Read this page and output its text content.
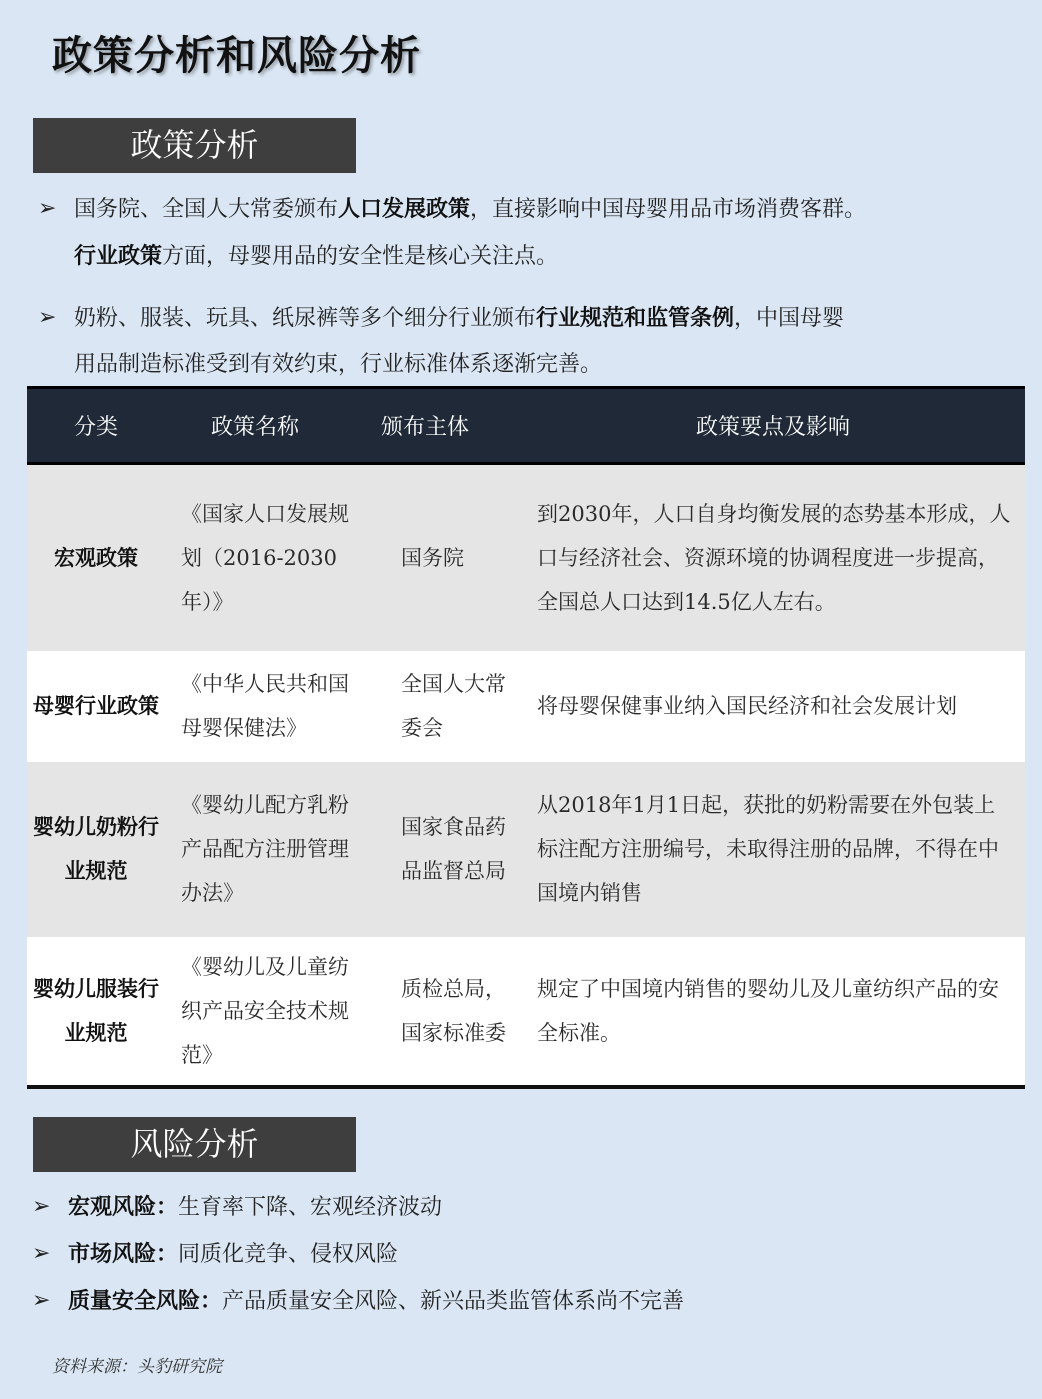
政策分析和风险分析
政策分析
➢ 国务院、全国人大常委颁布人口发展政策，直接影响中国母婴用品市场消费客群。
行业政策方面，母婴用品的安全性是核心关注点。
➢ 奶粉、服装、玩具、纸尿裤等多个细分行业颁布行业规范和监管条例，中国母婴
用品制造标准受到有效约束，行业标准体系逐渐完善。
分类	政策名称	颁布主体	政策要点及影响
宏观政策	《国家人口发展规划（2016-2030年）》	国务院	到2030年，人口自身均衡发展的态势基本形成，人口与经济社会、资源环境的协调程度进一步提高，全国总人口达到14.5亿人左右。
母婴行业政策	《中华人民共和国母婴保健法》	全国人大常委会	将母婴保健事业纳入国民经济和社会发展计划
婴幼儿奶粉行业规范	《婴幼儿配方乳粉产品配方注册管理办法》	国家食品药品监督总局	从2018年1月1日起，获批的奶粉需要在外包装上标注配方注册编号，未取得注册的品牌，不得在中国境内销售
婴幼儿服装行业规范	《婴幼儿及儿童纺织产品安全技术规范》	质检总局，国家标准委	规定了中国境内销售的婴幼儿及儿童纺织产品的安全标准。
风险分析
➢ 宏观风险：生育率下降、宏观经济波动
➢ 市场风险：同质化竞争、侵权风险
➢ 质量安全风险：产品质量安全风险、新兴品类监管体系尚不完善
资料来源：头豹研究院
